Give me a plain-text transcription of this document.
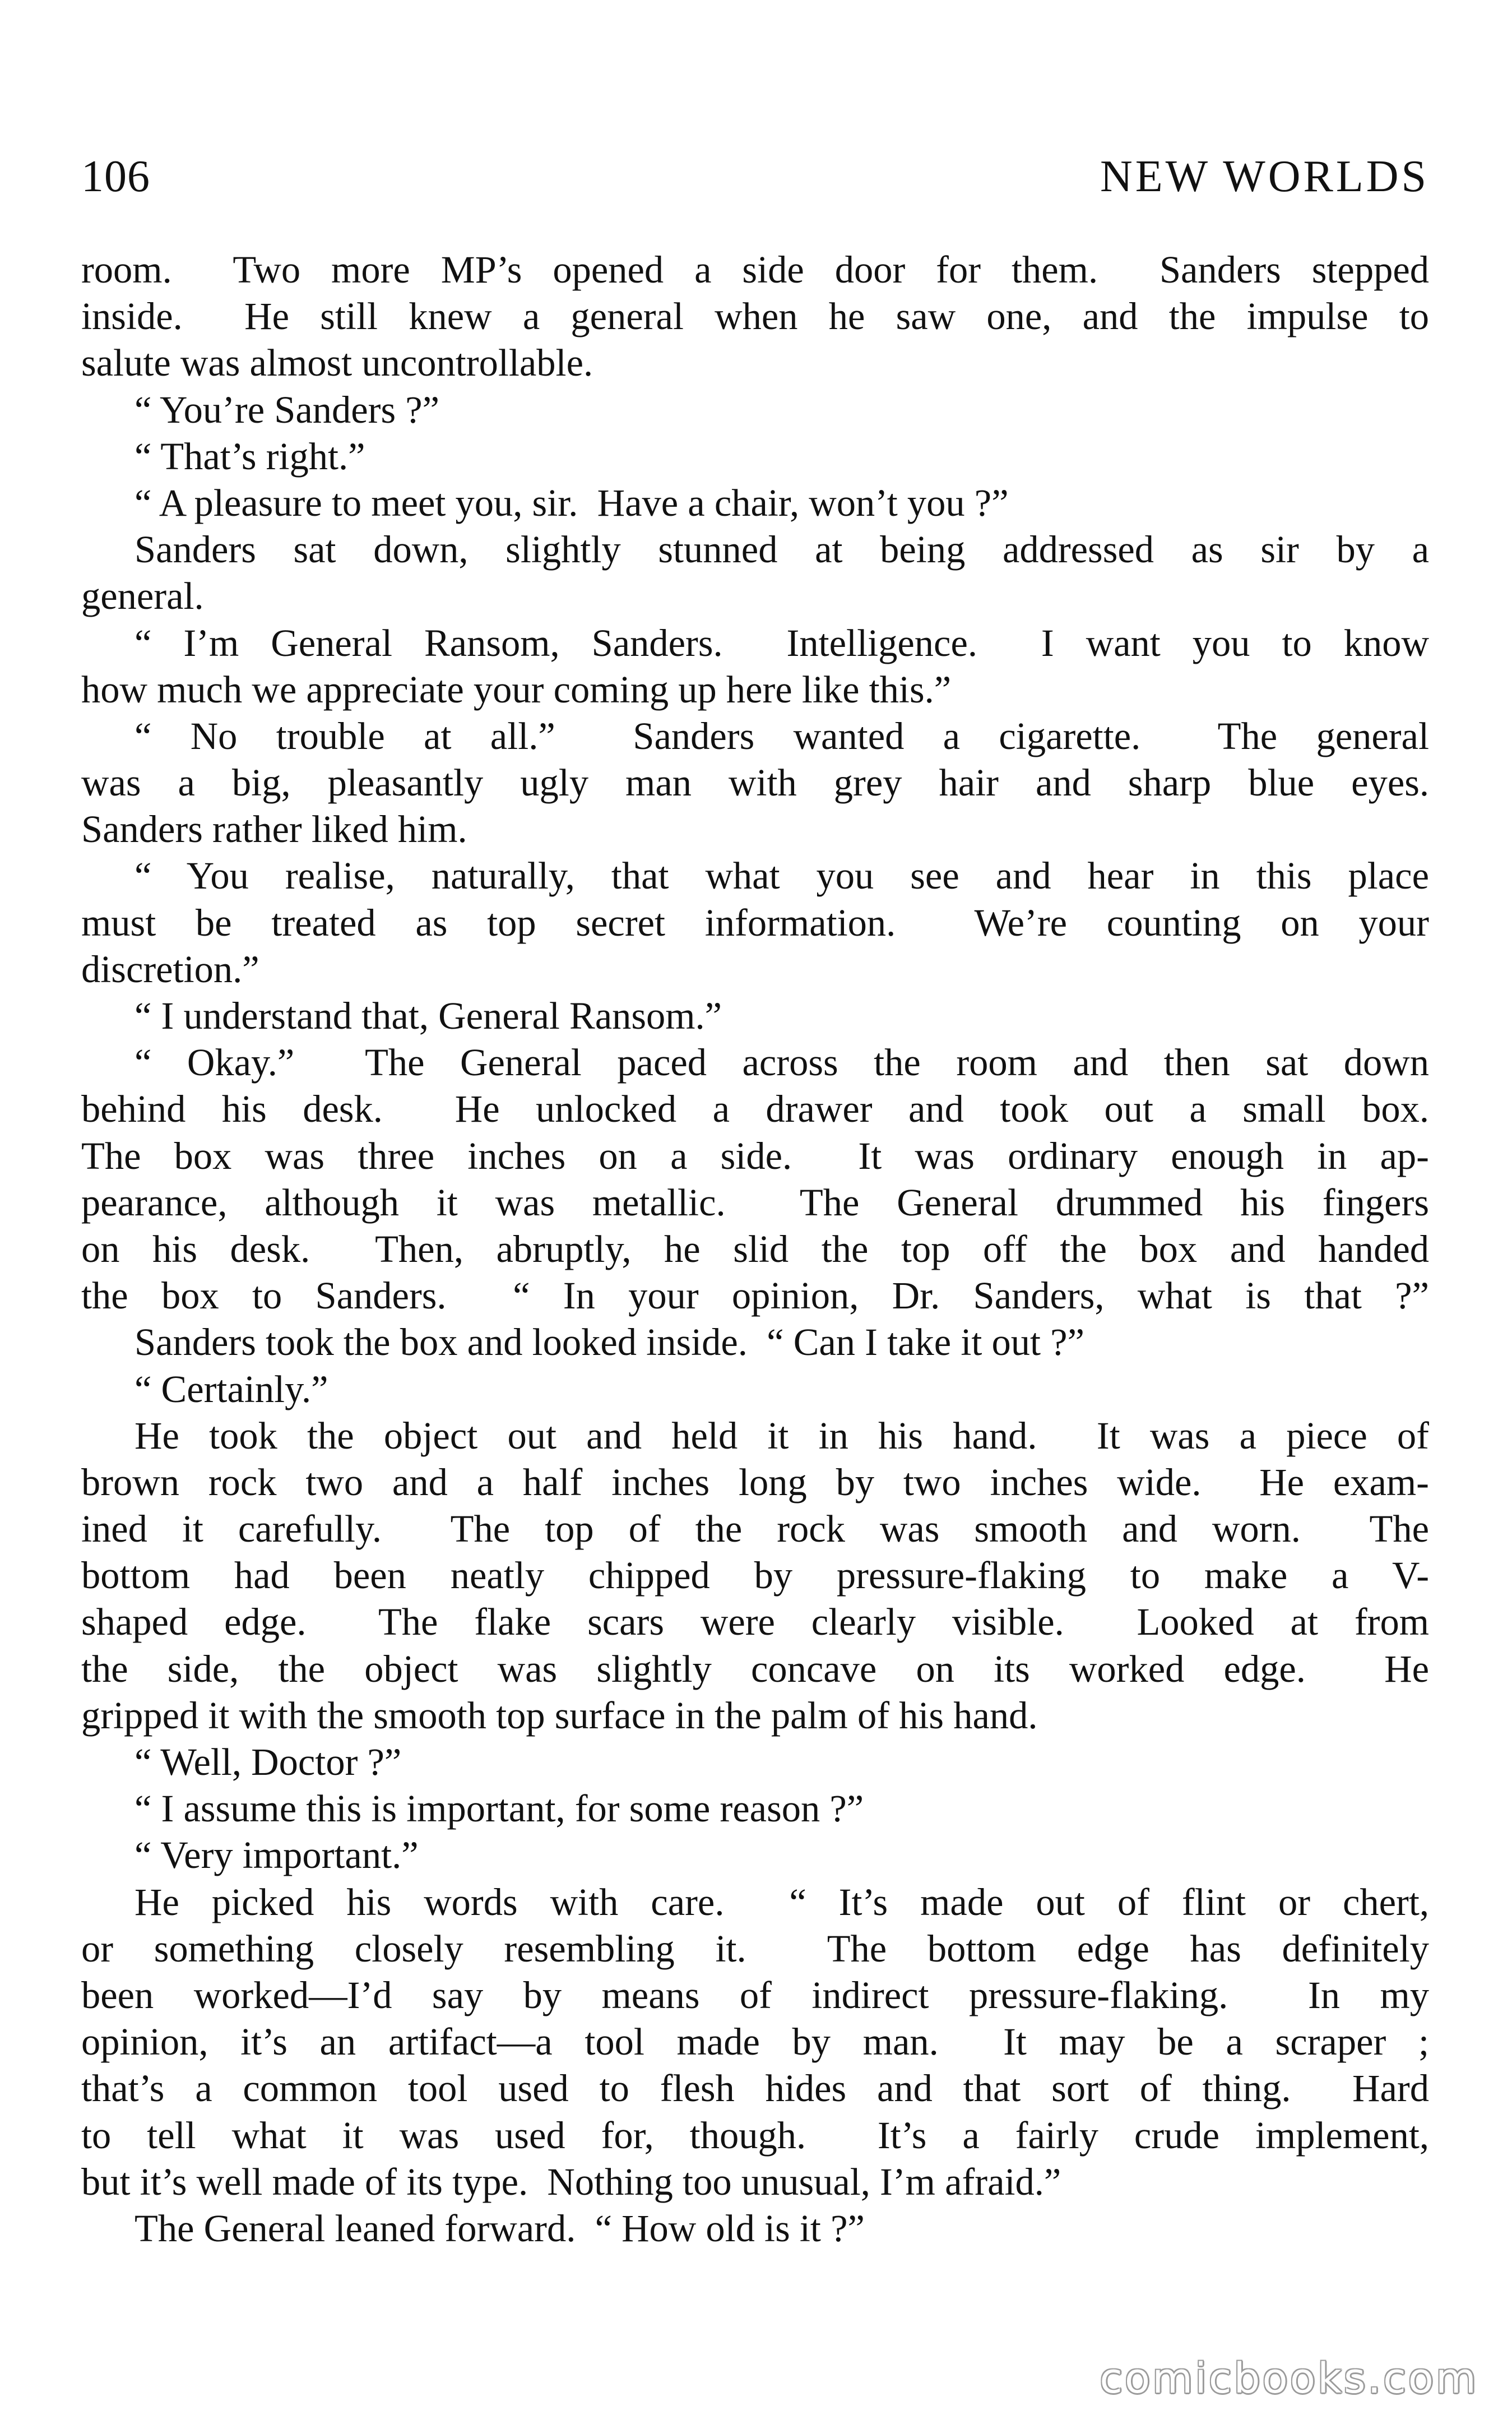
106	NEW WORLDS
room.  Two more MP’s opened a side door for them.  Sanders stepped
inside.  He still knew a general when he saw one, and the impulse to
salute was almost uncontrollable.
“ You’re Sanders ?”
“ That’s right.”
“ A pleasure to meet you, sir.  Have a chair, won’t you ?”
Sanders sat down, slightly stunned at being addressed as sir by a
general.
“ I’m General Ransom, Sanders.  Intelligence.  I want you to know
how much we appreciate your coming up here like this.”
“ No trouble at all.”  Sanders wanted a cigarette.  The general
was a big, pleasantly ugly man with grey hair and sharp blue eyes.
Sanders rather liked him.
“ You realise, naturally, that what you see and hear in this place
must be treated as top secret information.  We’re counting on your
discretion.”
“ I understand that, General Ransom.”
“ Okay.”  The General paced across the room and then sat down
behind his desk.  He unlocked a drawer and took out a small box.
The box was three inches on a side.  It was ordinary enough in ap-
pearance, although it was metallic.  The General drummed his fingers
on his desk.  Then, abruptly, he slid the top off the box and handed
the box to Sanders.  “ In your opinion, Dr. Sanders, what is that ?”
Sanders took the box and looked inside.  “ Can I take it out ?”
“ Certainly.”
He took the object out and held it in his hand.  It was a piece of
brown rock two and a half inches long by two inches wide.  He exam-
ined it carefully.  The top of the rock was smooth and worn.  The
bottom had been neatly chipped by pressure-flaking to make a V-
shaped edge.  The flake scars were clearly visible.  Looked at from
the side, the object was slightly concave on its worked edge.  He
gripped it with the smooth top surface in the palm of his hand.
“ Well, Doctor ?”
“ I assume this is important, for some reason ?”
“ Very important.”
He picked his words with care.  “ It’s made out of flint or chert,
or something closely resembling it.  The bottom edge has definitely
been worked—I’d say by means of indirect pressure-flaking.  In my
opinion, it’s an artifact—a tool made by man.  It may be a scraper ;
that’s a common tool used to flesh hides and that sort of thing.  Hard
to tell what it was used for, though.  It’s a fairly crude implement,
but it’s well made of its type.  Nothing too unusual, I’m afraid.”
The General leaned forward.  “ How old is it ?”
comicbooks.com
